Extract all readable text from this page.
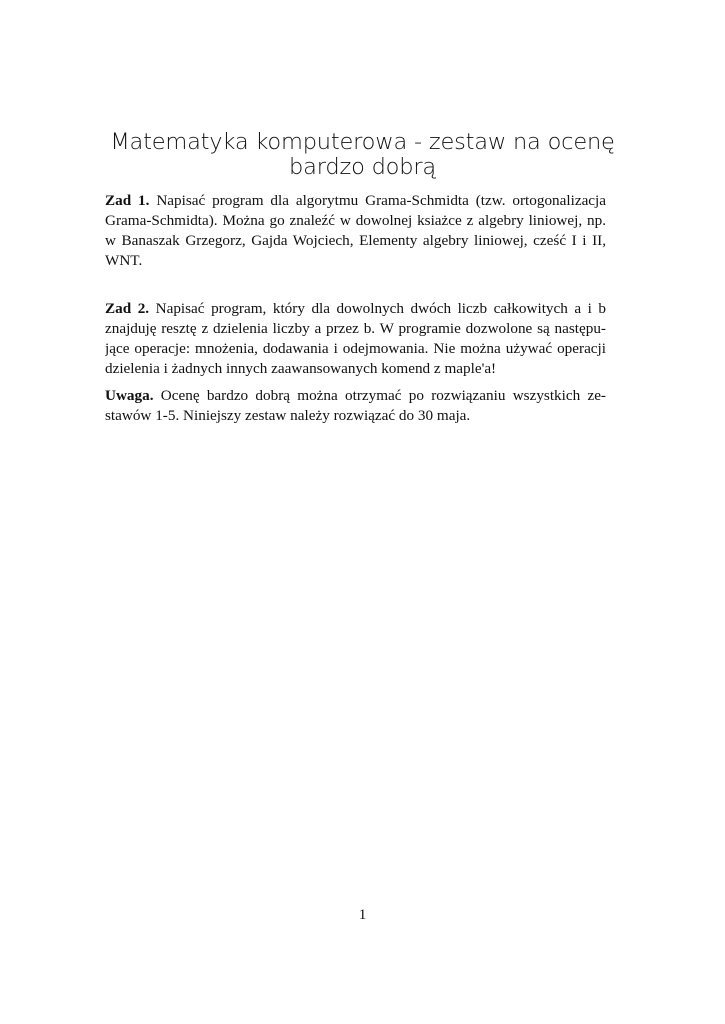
Matematyka komputerowa - zestaw na ocenę
bardzo dobrą
Zad 1. Napisać program dla algorytmu Grama-Schmidta (tzw. ortogonalizacja
Grama-Schmidta). Można go znaleźć w dowolnej ksiażce z algebry liniowej, np.
w Banaszak Grzegorz, Gajda Wojciech, Elementy algebry liniowej, cześć I i II,
WNT.
Zad 2. Napisać program, który dla dowolnych dwóch liczb całkowitych a i b
znajduję resztę z dzielenia liczby a przez b. W programie dozwolone są następu-
jące operacje: mnożenia, dodawania i odejmowania. Nie można używać operacji
dzielenia i żadnych innych zaawansowanych komend z maple'a!
Uwaga. Ocenę bardzo dobrą można otrzymać po rozwiązaniu wszystkich ze-
stawów 1-5. Niniejszy zestaw należy rozwiązać do 30 maja.
1
